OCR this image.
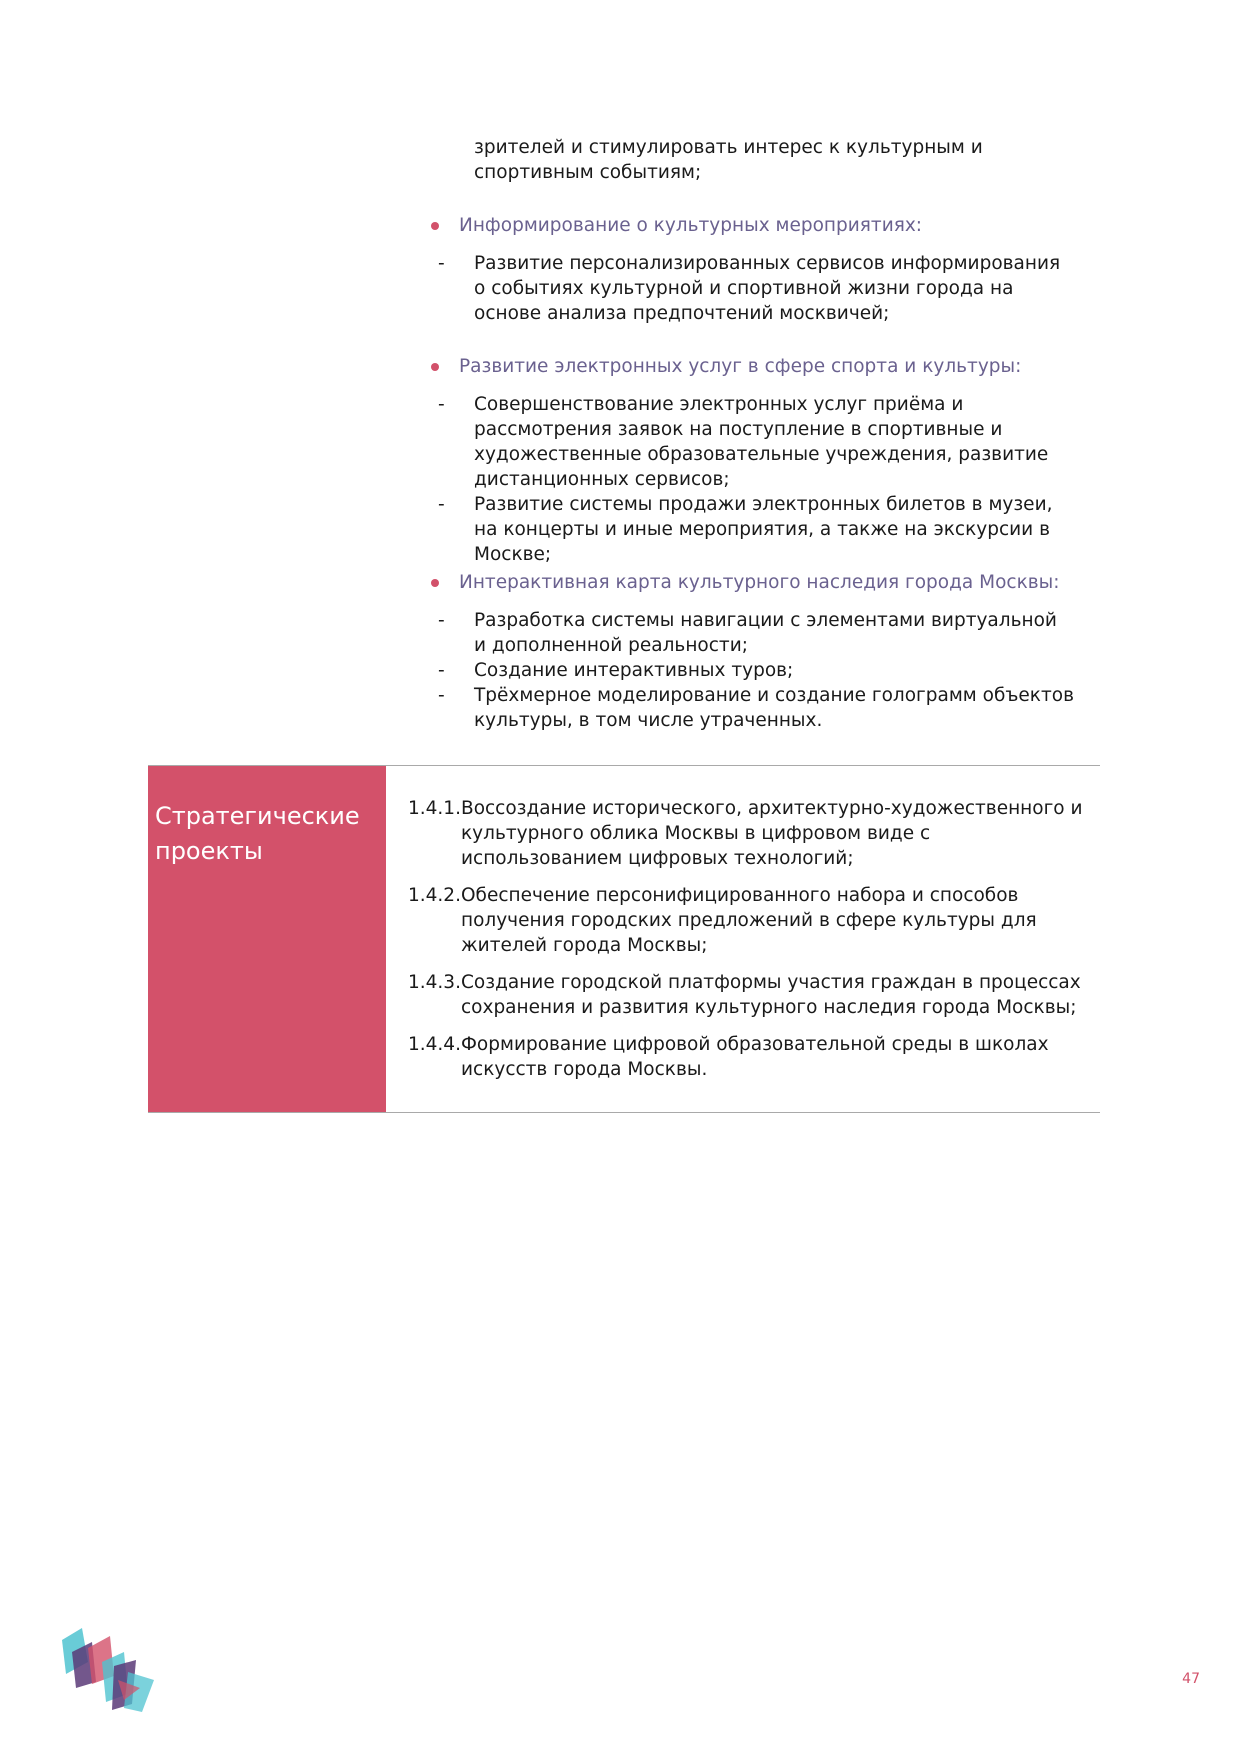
зрителей и стимулировать интерес к культурным и спортивным событиям;

Информирование о культурных мероприятиях:

-	Развитие персонализированных сервисов информирования о событиях культурной и спортивной жизни города на основе анализа предпочтений москвичей;

Развитие электронных услуг в сфере спорта и культуры:

-	Совершенствование электронных услуг приёма и рассмотрения заявок на поступление в спортивные и художественные образовательные учреждения, развитие дистанционных сервисов;
-	Развитие системы продажи электронных билетов в музеи, на концерты и иные мероприятия, а также на экскурсии в Москве;

Интерактивная карта культурного наследия города Москвы:

-	Разработка системы навигации с элементами виртуальной и дополненной реальности;
-	Создание интерактивных туров;
-	Трёхмерное моделирование и создание голограмм объектов культуры, в том числе утраченных.
Стратегические проекты
1.4.1. Воссоздание исторического, архитектурно-художественного и культурного облика Москвы в цифровом виде с использованием цифровых технологий;
1.4.2. Обеспечение персонифицированного набора и способов получения городских предложений в сфере культуры для жителей города Москвы;
1.4.3. Создание городской платформы участия граждан в процессах сохранения и развития культурного наследия города Москвы;
1.4.4. Формирование цифровой образовательной среды в школах искусств города Москвы.
47
